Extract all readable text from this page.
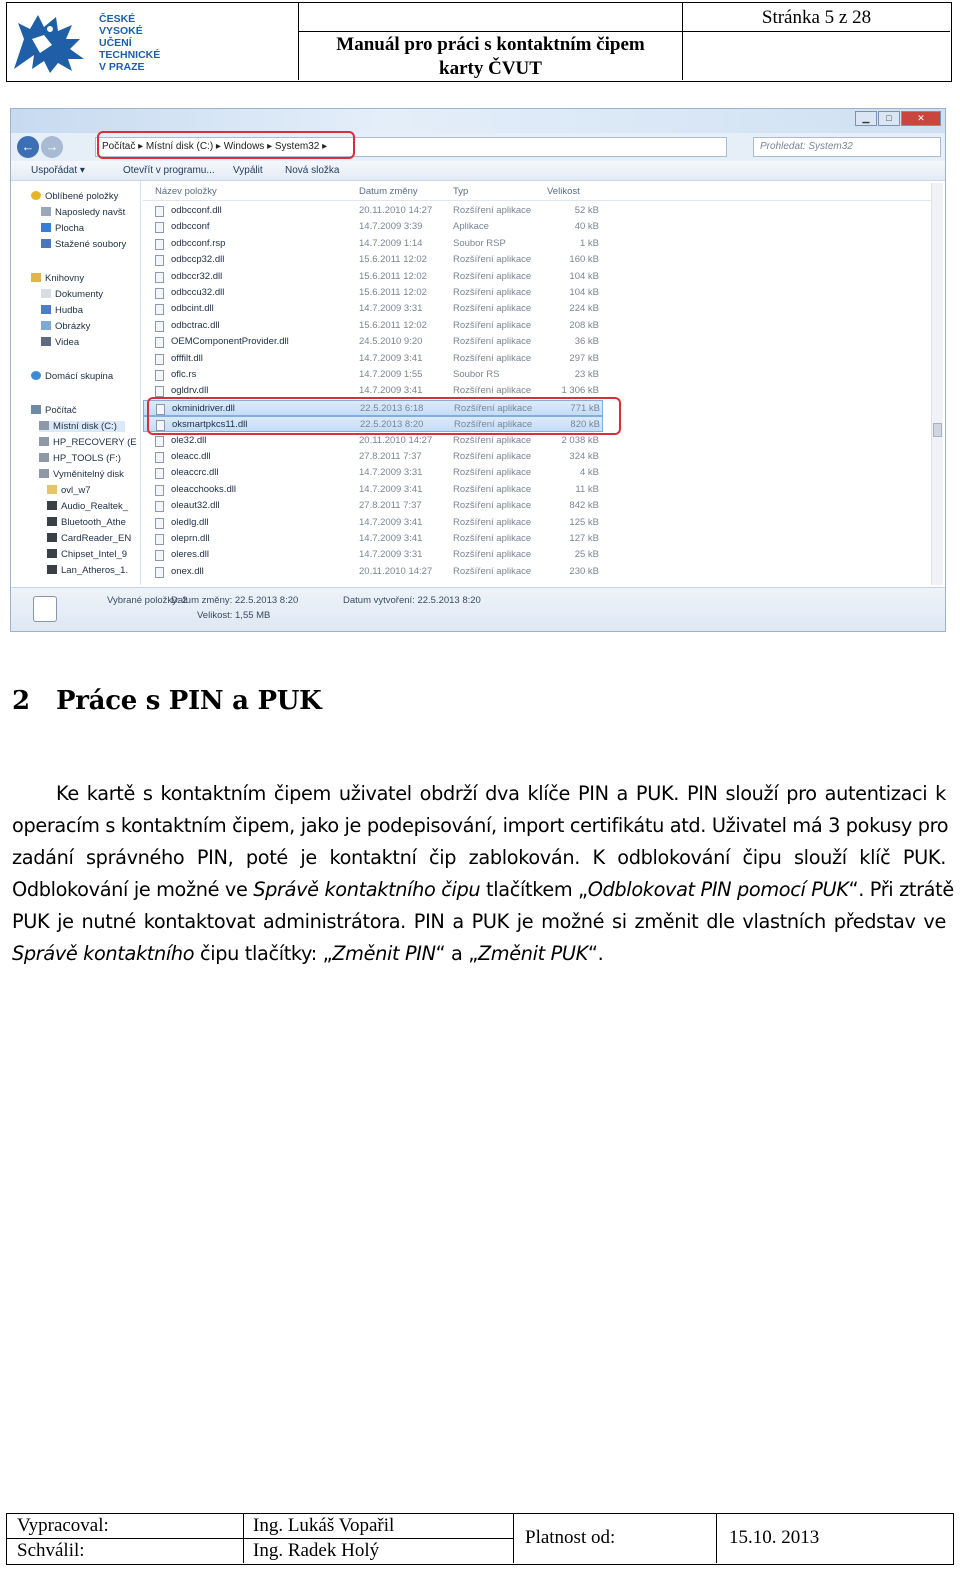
ČESKÉ
VYSOKÉ
UČENÍ
TECHNICKÉ
V PRAZE
Manuál pro práci s kontaktním čipem
karty ČVUT
Stránka 5 z 28
▁	□	✕
← →	Počítač ▸ Místní disk (C:) ▸ Windows ▸ System32 ▸	Prohledat: System32
Uspořádat ▾	Otevřít v programu... Vypálit Nová složka
Oblíbené položky
Naposledy navšt
Plocha
Stažené soubory
Knihovny
Dokumenty
Hudba
Obrázky
Videa
Domácí skupina
Počítač
Místní disk (C:)
HP_RECOVERY (E
HP_TOOLS (F:)
Vyměnitelný disk
ovl_w7
Audio_Realtek_
Bluetooth_Athe
CardReader_EN
Chipset_Intel_9
Lan_Atheros_1.
Název položky	Datum změny	Typ	Velikost
odbcconf.dll	20.11.2010 14:27 Rozšíření aplikace	52 kB
odbcconf	14.7.2009 3:39	Aplikace	40 kB
odbcconf.rsp	14.7.2009 1:14	Soubor RSP	1 kB
odbccp32.dll	15.6.2011 12:02	Rozšíření aplikace	160 kB
odbccr32.dll	15.6.2011 12:02	Rozšíření aplikace	104 kB
odbccu32.dll	15.6.2011 12:02	Rozšíření aplikace	104 kB
odbcint.dll	14.7.2009 3:31	Rozšíření aplikace	224 kB
odbctrac.dll	15.6.2011 12:02	Rozšíření aplikace	208 kB
OEMComponentProvider.dll	24.5.2010 9:20	Rozšíření aplikace	36 kB
offfilt.dll	14.7.2009 3:41	Rozšíření aplikace	297 kB
oflc.rs	14.7.2009 1:55	Soubor RS	23 kB
ogldrv.dll	14.7.2009 3:41	Rozšíření aplikace	1 306 kB
okminidriver.dll	22.5.2013 6:18	Rozšíření aplikace	771 kB
oksmartpkcs11.dll	22.5.2013 8:20	Rozšíření aplikace	820 kB
ole32.dll	20.11.2010 14:27 Rozšíření aplikace	2 038 kB
oleacc.dll	27.8.2011 7:37	Rozšíření aplikace	324 kB
oleaccrc.dll	14.7.2009 3:31	Rozšíření aplikace	4 kB
oleacchooks.dll	14.7.2009 3:41	Rozšíření aplikace	11 kB
oleaut32.dll	27.8.2011 7:37	Rozšíření aplikace	842 kB
oledlg.dll	14.7.2009 3:41	Rozšíření aplikace	125 kB
oleprn.dll	14.7.2009 3:41	Rozšíření aplikace	127 kB
oleres.dll	14.7.2009 3:31	Rozšíření aplikace	25 kB
onex.dll	20.11.2010 14:27 Rozšíření aplikace	230 kB
Vybrané položky: 2
Datum změny: 22.5.2013 8:20	Datum vytvoření: 22.5.2013 8:20
Velikost: 1,55 MB
2 Práce s PIN a PUK
Ke kartě s kontaktním čipem uživatel obdrží dva klíče PIN a PUK. PIN slouží pro autentizaci k
operacím s kontaktním čipem, jako je podepisování, import certifikátu atd. Uživatel má 3 pokusy pro
zadání správného PIN, poté je kontaktní čip zablokován. K odblokování čipu slouží klíč PUK.
Odblokování je možné ve Správě kontaktního čipu tlačítkem „Odblokovat PIN pomocí PUK“. Při ztrátě
PUK je nutné kontaktovat administrátora. PIN a PUK je možné si změnit dle vlastních představ ve
Správě kontaktního čipu tlačítky: „Změnit PIN“ a „Změnit PUK“.
Vypracoval:	Ing. Lukáš Vopařil
Schválil:	Ing. Radek Holý
Platnost od:	15.10. 2013
